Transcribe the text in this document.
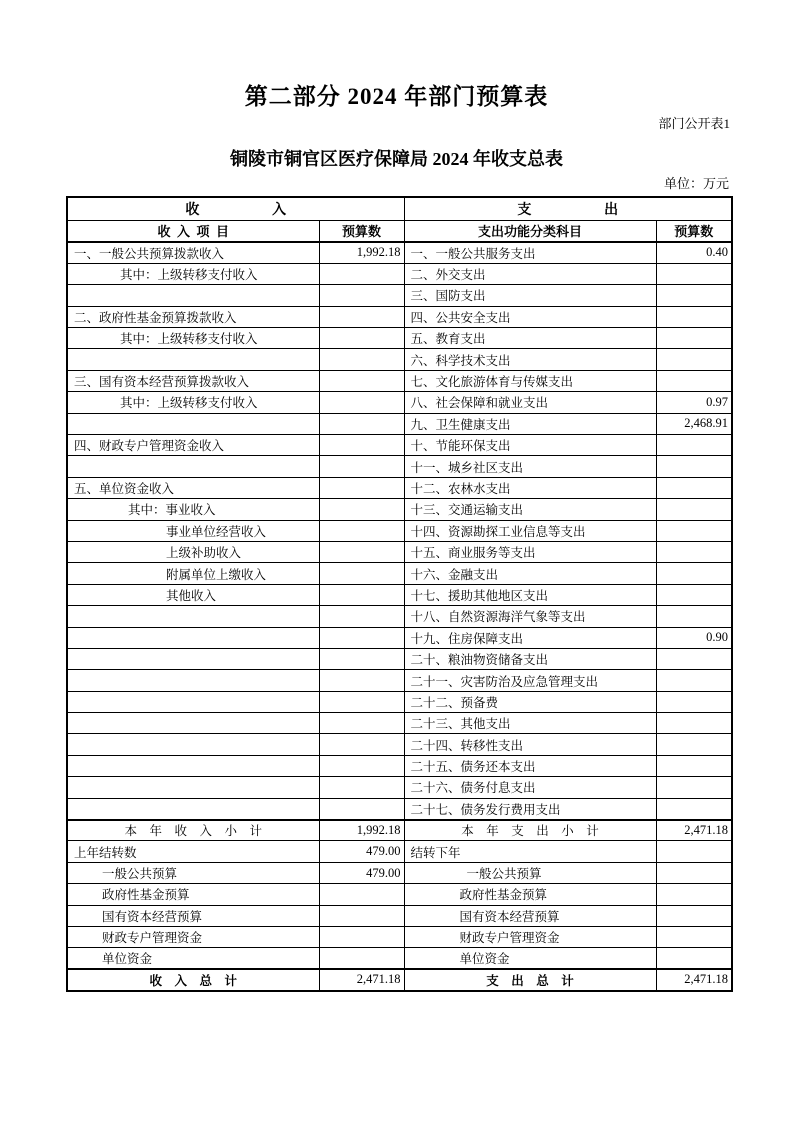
第二部分 2024 年部门预算表
部门公开表1
铜陵市铜官区医疗保障局 2024 年收支总表
单位：万元
收入		支出	
收入项目	预算数	支出功能分类科目	预算数
一、一般公共预算拨款收入	1,992.18	一、一般公共服务支出	0.40
其中：上级转移支付收入		二、外交支出	
		三、国防支出	
二、政府性基金预算拨款收入		四、公共安全支出	
其中：上级转移支付收入		五、教育支出	
		六、科学技术支出	
三、国有资本经营预算拨款收入		七、文化旅游体育与传媒支出	
其中：上级转移支付收入		八、社会保障和就业支出	0.97
		九、卫生健康支出	2,468.91
四、财政专户管理资金收入		十、节能环保支出	
		十一、城乡社区支出	
五、单位资金收入		十二、农林水支出	
其中：事业收入		十三、交通运输支出	
事业单位经营收入		十四、资源勘探工业信息等支出	
上级补助收入		十五、商业服务等支出	
附属单位上缴收入		十六、金融支出	
其他收入		十七、援助其他地区支出	
		十八、自然资源海洋气象等支出	
		十九、住房保障支出	0.90
		二十、粮油物资储备支出	
		二十一、灾害防治及应急管理支出	
		二十二、预备费	
		二十三、其他支出	
		二十四、转移性支出	
		二十五、债务还本支出	
		二十六、债务付息支出	
		二十七、债务发行费用支出	
本年收入小计	1,992.18	本年支出小计	2,471.18
上年结转数	479.00	结转下年	
一般公共预算	479.00	一般公共预算	
政府性基金预算		政府性基金预算	
国有资本经营预算		国有资本经营预算	
财政专户管理资金		财政专户管理资金	
单位资金		单位资金	
收入总计	2,471.18	支出总计	2,471.18
